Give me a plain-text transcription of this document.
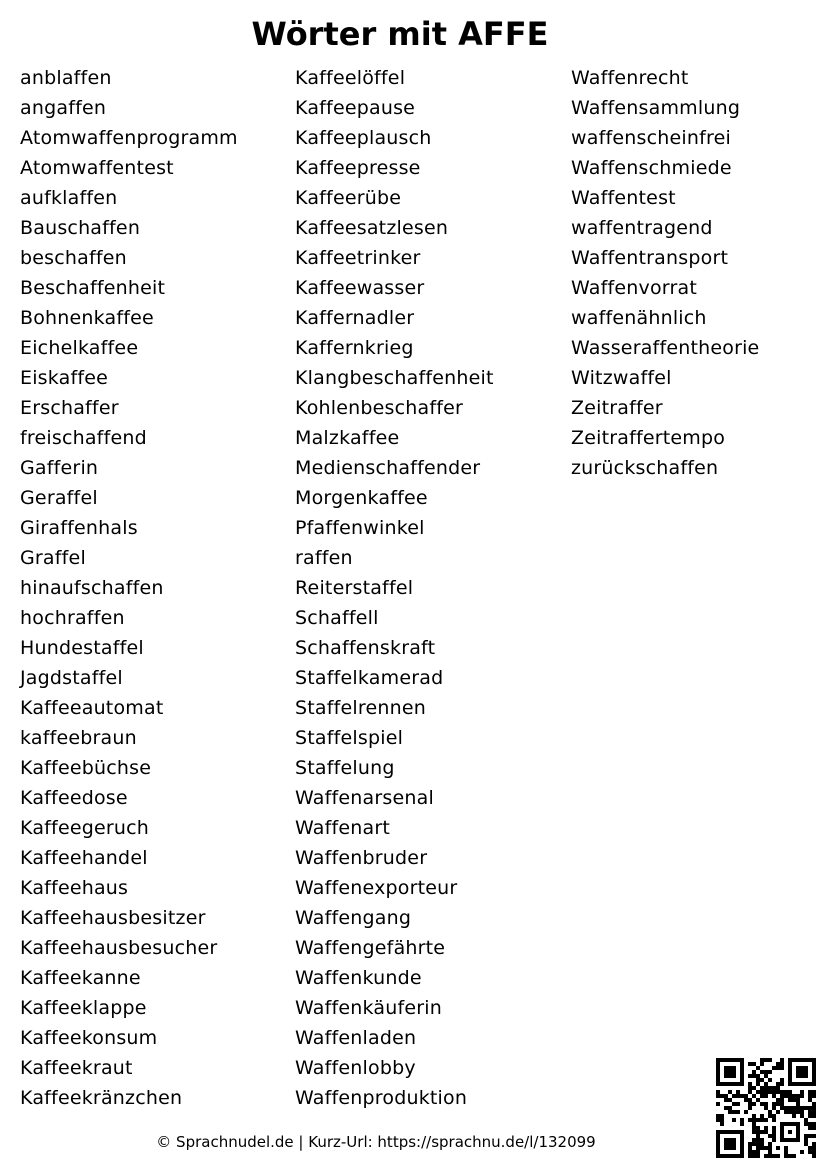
Wörter mit AFFE
anblaffen
angaffen
Atomwaffenprogramm
Atomwaffentest
aufklaffen
Bauschaffen
beschaffen
Beschaffenheit
Bohnenkaffee
Eichelkaffee
Eiskaffee
Erschaffer
freischaffend
Gafferin
Geraffel
Giraffenhals
Graffel
hinaufschaffen
hochraffen
Hundestaffel
Jagdstaffel
Kaffeeautomat
kaffeebraun
Kaffeebüchse
Kaffeedose
Kaffeegeruch
Kaffeehandel
Kaffeehaus
Kaffeehausbesitzer
Kaffeehausbesucher
Kaffeekanne
Kaffeeklappe
Kaffeekonsum
Kaffeekraut
Kaffeekränzchen
Kaffeelöffel
Kaffeepause
Kaffeeplausch
Kaffeepresse
Kaffeerübe
Kaffeesatzlesen
Kaffeetrinker
Kaffeewasser
Kaffernadler
Kaffernkrieg
Klangbeschaffenheit
Kohlenbeschaffer
Malzkaffee
Medienschaffender
Morgenkaffee
Pfaffenwinkel
raffen
Reiterstaffel
Schaffell
Schaffenskraft
Staffelkamerad
Staffelrennen
Staffelspiel
Staffelung
Waffenarsenal
Waffenart
Waffenbruder
Waffenexporteur
Waffengang
Waffengefährte
Waffenkunde
Waffenkäuferin
Waffenladen
Waffenlobby
Waffenproduktion
Waffenrecht
Waffensammlung
waffenscheinfrei
Waffenschmiede
Waffentest
waffentragend
Waffentransport
Waffenvorrat
waffenähnlich
Wasseraffentheorie
Witzwaffel
Zeitraffer
Zeitraffertempo
zurückschaffen
© Sprachnudel.de | Kurz-Url: https://sprachnu.de/l/132099
